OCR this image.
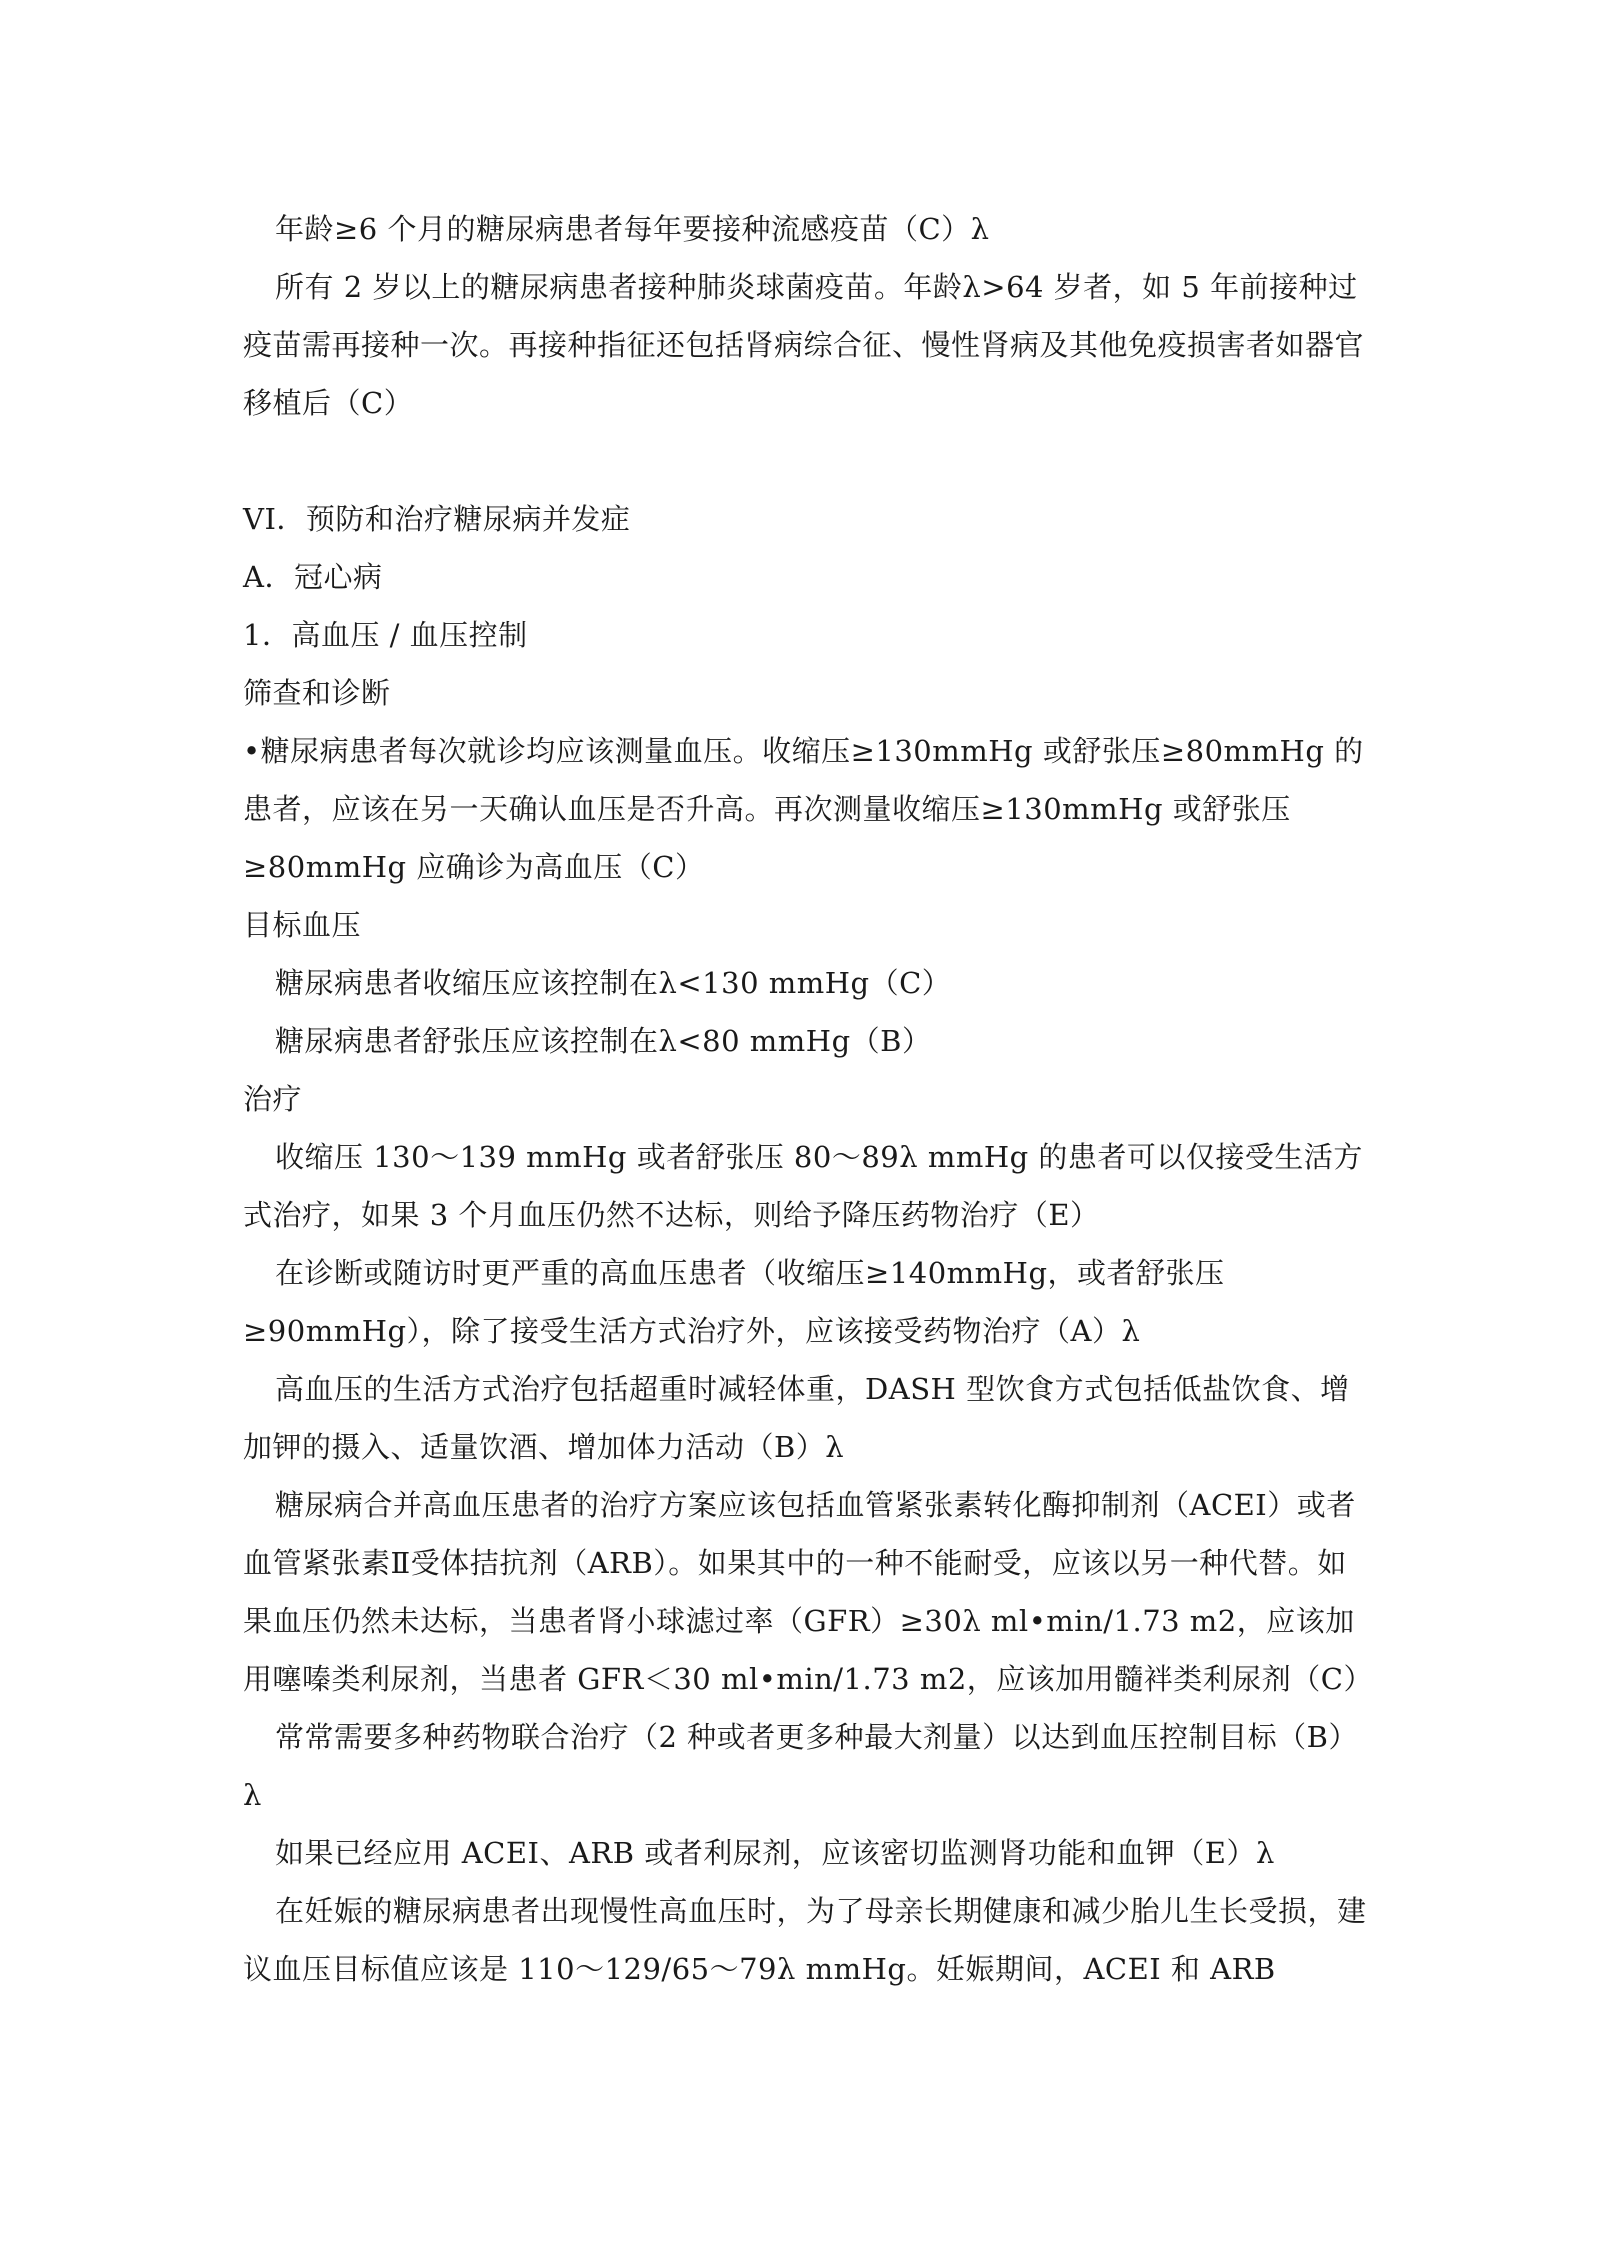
年龄≥6 个月的糖尿病患者每年要接种流感疫苗（C）λ

所有 2 岁以上的糖尿病患者接种肺炎球菌疫苗。年龄λ>64 岁者，如 5 年前接种过疫苗需再接种一次。再接种指征还包括肾病综合征、慢性肾病及其他免疫损害者如器官移植后（C）

VI．预防和治疗糖尿病并发症

A．冠心病

1．高血压 / 血压控制

筛查和诊断

•糖尿病患者每次就诊均应该测量血压。收缩压≥130mmHg 或舒张压≥80mmHg 的患者，应该在另一天确认血压是否升高。再次测量收缩压≥130mmHg 或舒张压≥80mmHg 应确诊为高血压（C）

目标血压

糖尿病患者收缩压应该控制在λ<130 mmHg（C）

糖尿病患者舒张压应该控制在λ<80 mmHg（B）

治疗

收缩压 130～139 mmHg 或者舒张压 80～89λ mmHg 的患者可以仅接受生活方式治疗，如果 3 个月血压仍然不达标，则给予降压药物治疗（E）

在诊断或随访时更严重的高血压患者（收缩压≥140mmHg，或者舒张压≥90mmHg），除了接受生活方式治疗外，应该接受药物治疗（A）λ

高血压的生活方式治疗包括超重时减轻体重，DASH 型饮食方式包括低盐饮食、增加钾的摄入、适量饮酒、增加体力活动（B）λ

糖尿病合并高血压患者的治疗方案应该包括血管紧张素转化酶抑制剂（ACEI）或者血管紧张素Ⅱ受体拮抗剂（ARB）。如果其中的一种不能耐受，应该以另一种代替。如果血压仍然未达标，当患者肾小球滤过率（GFR）≥30λ ml•min/1.73 m2，应该加用噻嗪类利尿剂，当患者 GFR＜30 ml•min/1.73 m2，应该加用髓袢类利尿剂（C）

常常需要多种药物联合治疗（2 种或者更多种最大剂量）以达到血压控制目标（B）λ

如果已经应用 ACEI、ARB 或者利尿剂，应该密切监测肾功能和血钾（E）λ

在妊娠的糖尿病患者出现慢性高血压时，为了母亲长期健康和减少胎儿生长受损，建议血压目标值应该是 110～129/65～79λ mmHg。妊娠期间，ACEI 和 ARB
